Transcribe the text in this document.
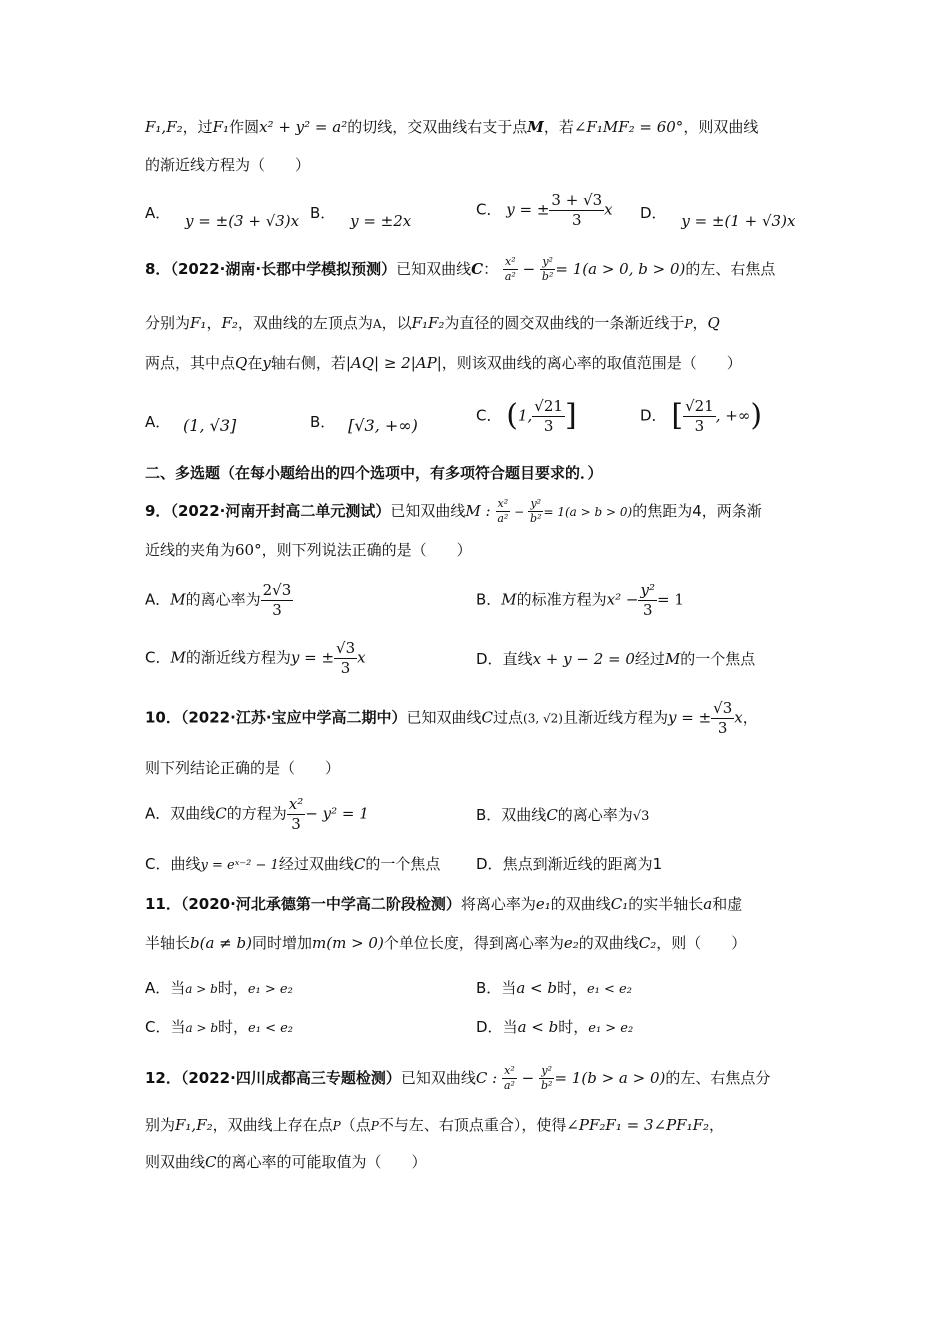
F₁,F₂，过F₁作圆x² + y² = a²的切线，交双曲线右支于点M，若∠F₁MF₂ = 60°，则双曲线
的渐近线方程为（　　）
A． y = ±(3 + √3)x B． y = ±2x
C． y = ± $\frac{3 + √3}{3}$ x D． y = ±(1 + √3)x
8．（2022·湖南·长郡中学模拟预测）已知双曲线C： $\frac{\text{x²}}{\text{a²}} - \frac{\text{y²}}{\text{b²}} = 1(a > 0$, b > 0)的左、右焦点
分别为F₁，F₂，双曲线的左顶点为A，以F₁F₂为直径的圆交双曲线的一条渐近线于P，Q
两点，其中点Q在y轴右侧，若|AQ| ≥ 2|AP|，则该双曲线的离心率的取值范围是（　　）
A． (1, √3]	B． [√3, +∞)
C． (1, $\frac{√21}{3}$ ]	D． [ $\frac{√21}{3}$ , +∞)
二、多选题（在每小题给出的四个选项中，有多项符合题目要求的．）
9．（2022·河南开封高二单元测试）已知双曲线M : $\frac{\text{x²}}{\text{a²}} - \frac{\text{y²}}{\text{b²}} = 1(a > b > 0)$的焦距为4，两条渐
近线的夹角为60°，则下列说法正确的是（　　）
A．M的离心率为 $\frac{2√3}{3}$	B．M的标准方程为$x^2 - \frac{\text{y²}}{3} = 1$
C．M的渐近线方程为y = ± $\frac{√3}{3}$ x	D．直线x + y − 2 = 0经过M的一个焦点
10．（2022·江苏·宝应中学高二期中）已知双曲线C过点(3, √2)且渐近线方程为y = ± $\frac{√3}{3}$ x，
则下列结论正确的是（　　）
A．双曲线C的方程为 $\frac{\text{x²}}{3} - y^2 = 1$	B．双曲线C的离心率为√3
C．曲线y = eˣ⁻² − 1经过双曲线C的一个焦点 D．焦点到渐近线的距离为1
11．（2020·河北承德第一中学高二阶段检测）将离心率为e₁的双曲线C₁的实半轴长a和虚
半轴长b(a ≠ b)同时增加m(m > 0)个单位长度，得到离心率为e₂的双曲线C₂，则（　　）
A．当a > b时，e₁ > e₂	B．当a < b时，e₁ < e₂
C．当a > b时，e₁ < e₂	D．当a < b时，e₁ > e₂
12．（2022·四川成都高三专题检测）已知双曲线C : $\frac{\text{x²}}{\text{a²}} - \frac{\text{y²}}{\text{b²}} = 1(b > a > 0)$的左、右焦点分
别为F₁,F₂，双曲线上存在点P（点P不与左、右顶点重合），使得∠PF₂F₁ = 3∠PF₁F₂，
则双曲线C的离心率的可能取值为（　　）
